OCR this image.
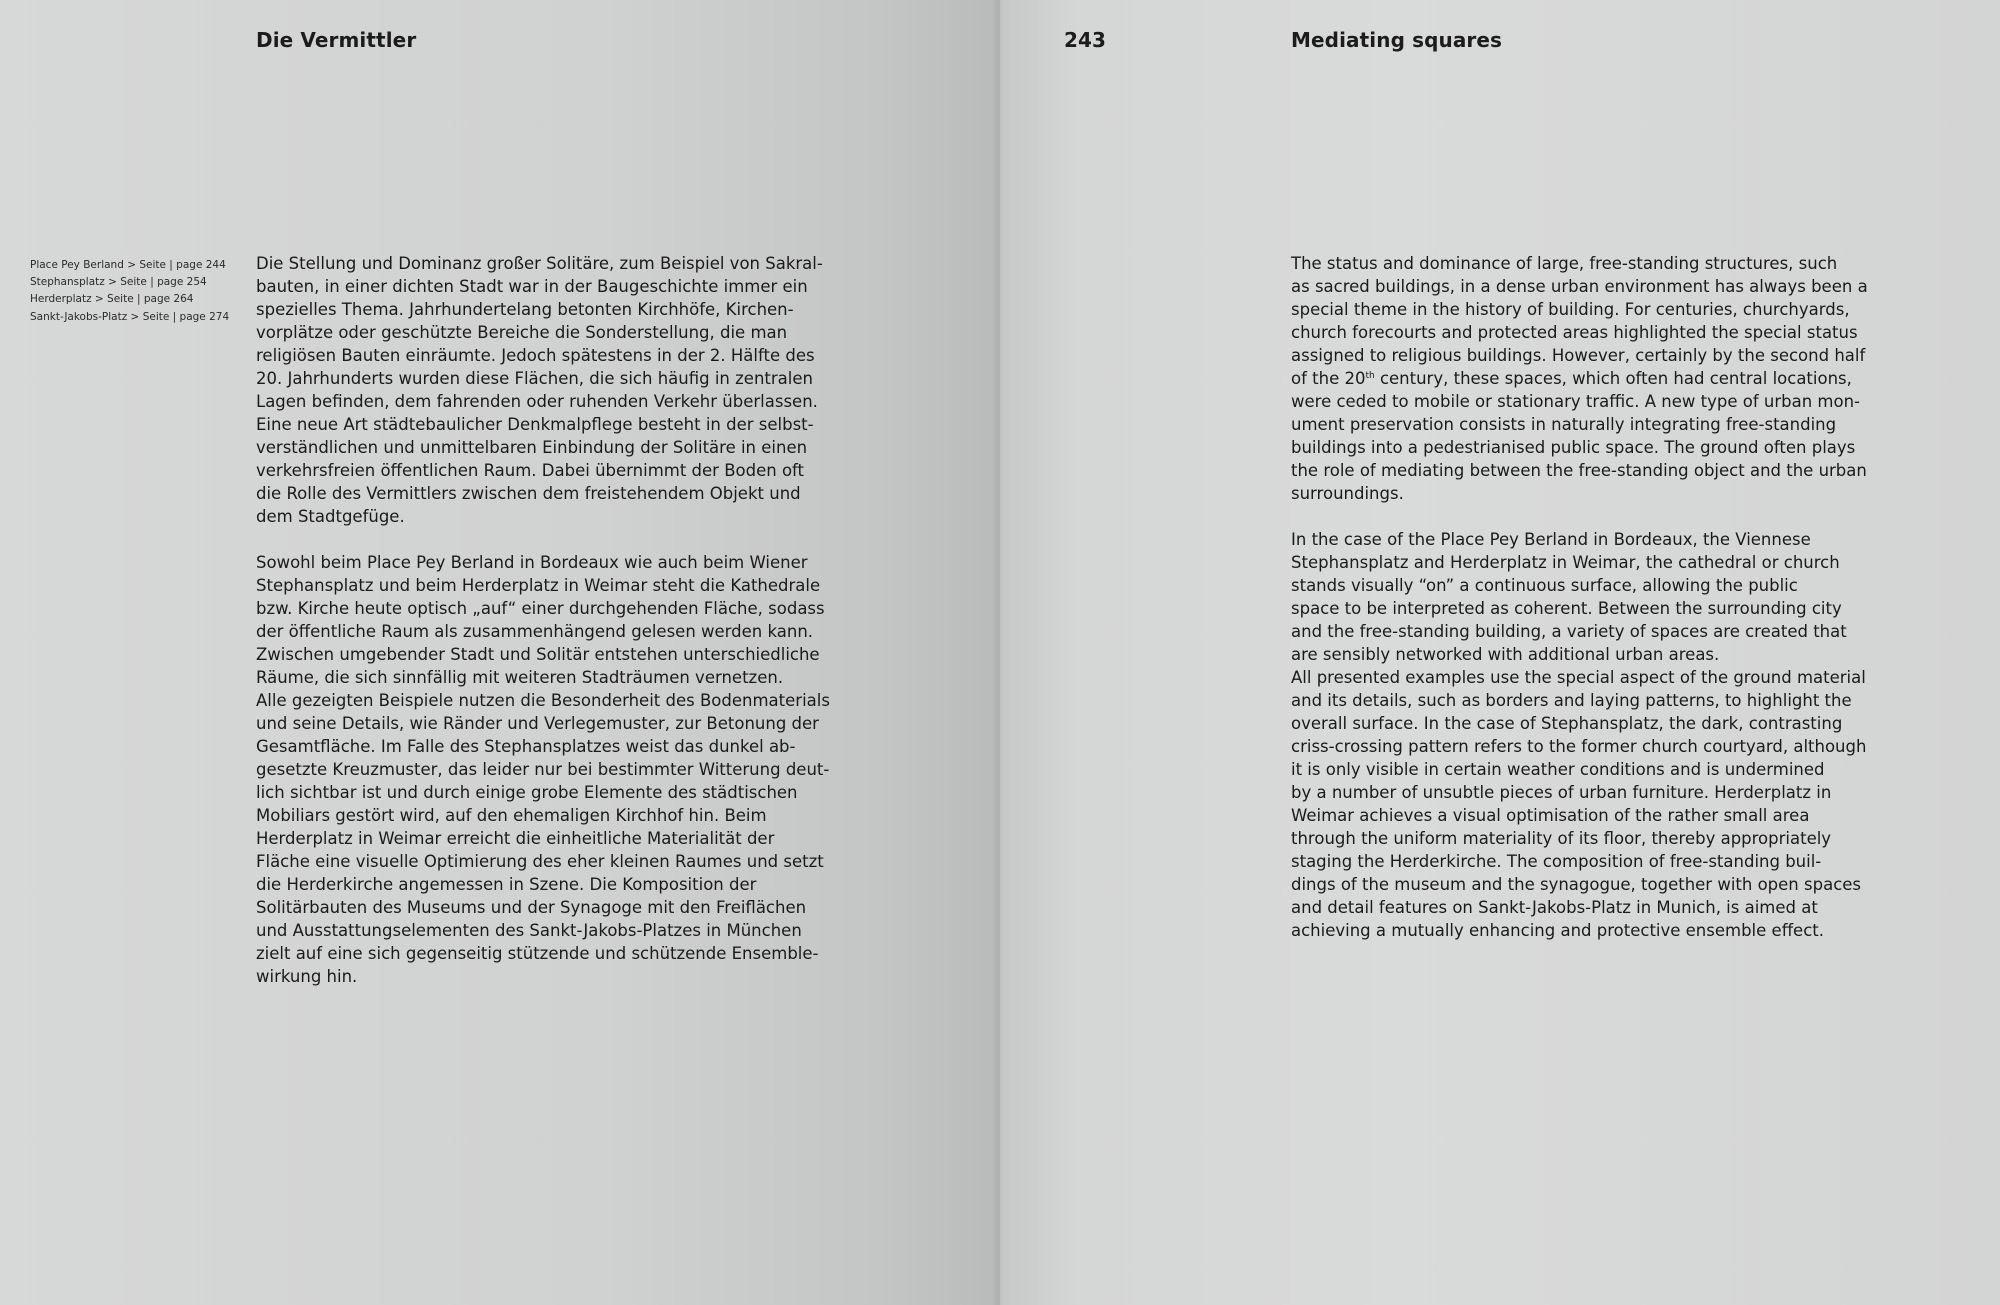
Die Vermittler	243	Mediating squares
Place Pey Berland > Seite | page 244
Stephansplatz > Seite | page 254
Herderplatz > Seite | page 264
Sankt-Jakobs-Platz > Seite | page 274
Die Stellung und Dominanz großer Solitäre, zum Beispiel von Sakral-
bauten, in einer dichten Stadt war in der Baugeschichte immer ein
spezielles Thema. Jahrhundertelang betonten Kirchhöfe, Kirchen-
vorplätze oder geschützte Bereiche die Sonderstellung, die man
religiösen Bauten einräumte. Jedoch spätestens in der 2. Hälfte des
20. Jahrhunderts wurden diese Flächen, die sich häufig in zentralen
Lagen befinden, dem fahrenden oder ruhenden Verkehr überlassen.
Eine neue Art städtebaulicher Denkmalpflege besteht in der selbst-
verständlichen und unmittelbaren Einbindung der Solitäre in einen
verkehrsfreien öffentlichen Raum. Dabei übernimmt der Boden oft
die Rolle des Vermittlers zwischen dem freistehendem Objekt und
dem Stadtgefüge.
Sowohl beim Place Pey Berland in Bordeaux wie auch beim Wiener
Stephansplatz und beim Herderplatz in Weimar steht die Kathedrale
bzw. Kirche heute optisch „auf“ einer durchgehenden Fläche, sodass
der öffentliche Raum als zusammenhängend gelesen werden kann.
Zwischen umgebender Stadt und Solitär entstehen unterschiedliche
Räume, die sich sinnfällig mit weiteren Stadträumen vernetzen.
Alle gezeigten Beispiele nutzen die Besonderheit des Bodenmaterials
und seine Details, wie Ränder und Verlegemuster, zur Betonung der
Gesamtfläche. Im Falle des Stephansplatzes weist das dunkel ab-
gesetzte Kreuzmuster, das leider nur bei bestimmter Witterung deut-
lich sichtbar ist und durch einige grobe Elemente des städtischen
Mobiliars gestört wird, auf den ehemaligen Kirchhof hin. Beim
Herderplatz in Weimar erreicht die einheitliche Materialität der
Fläche eine visuelle Optimierung des eher kleinen Raumes und setzt
die Herderkirche angemessen in Szene. Die Komposition der
Solitärbauten des Museums und der Synagoge mit den Freiflächen
und Ausstattungselementen des Sankt-Jakobs-Platzes in München
zielt auf eine sich gegenseitig stützende und schützende Ensemble-
wirkung hin.
The status and dominance of large, free-standing structures, such
as sacred buildings, in a dense urban environment has always been a
special theme in the history of building. For centuries, churchyards,
church forecourts and protected areas highlighted the special status
assigned to religious buildings. However, certainly by the second half
of the 20th century, these spaces, which often had central locations,
were ceded to mobile or stationary traffic. A new type of urban mon-
ument preservation consists in naturally integrating free-standing
buildings into a pedestrianised public space. The ground often plays
the role of mediating between the free-standing object and the urban
surroundings.
In the case of the Place Pey Berland in Bordeaux, the Viennese
Stephansplatz and Herderplatz in Weimar, the cathedral or church
stands visually “on” a continuous surface, allowing the public
space to be interpreted as coherent. Between the surrounding city
and the free-standing building, a variety of spaces are created that
are sensibly networked with additional urban areas.
All presented examples use the special aspect of the ground material
and its details, such as borders and laying patterns, to highlight the
overall surface. In the case of Stephansplatz, the dark, contrasting
criss-crossing pattern refers to the former church courtyard, although
it is only visible in certain weather conditions and is undermined
by a number of unsubtle pieces of urban furniture. Herderplatz in
Weimar achieves a visual optimisation of the rather small area
through the uniform materiality of its floor, thereby appropriately
staging the Herderkirche. The composition of free-standing buil-
dings of the museum and the synagogue, together with open spaces
and detail features on Sankt-Jakobs-Platz in Munich, is aimed at
achieving a mutually enhancing and protective ensemble effect.
